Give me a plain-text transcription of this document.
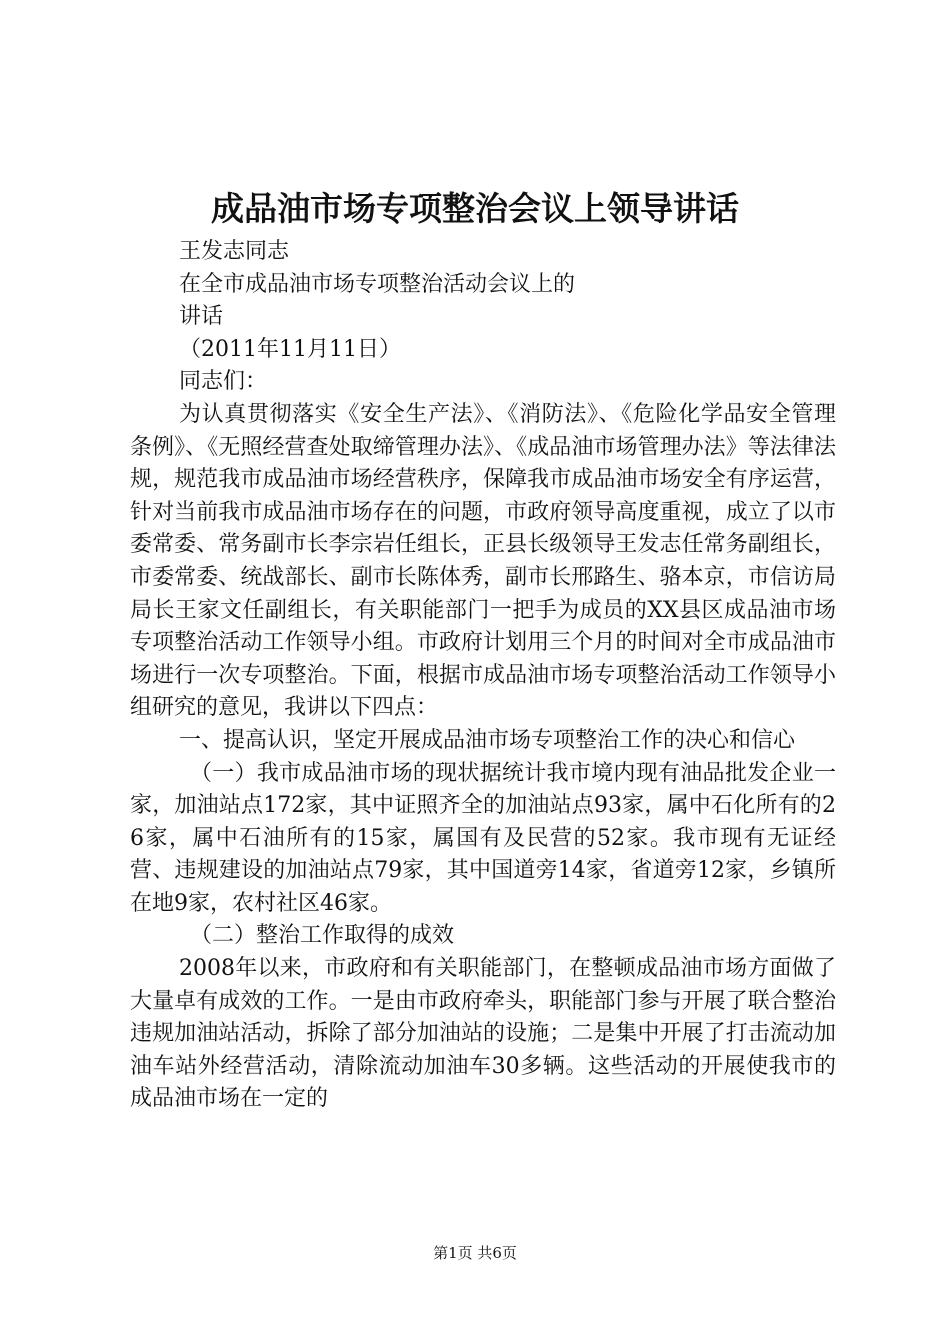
成品油市场专项整治会议上领导讲话

王发志同志

在全市成品油市场专项整治活动会议上的

讲话

（2011年11月11日）

同志们：

为认真贯彻落实《安全生产法》、《消防法》、《危险化学品安全管理条例》、《无照经营查处取缔管理办法》、《成品油市场管理办法》等法律法规，规范我市成品油市场经营秩序，保障我市成品油市场安全有序运营，针对当前我市成品油市场存在的问题，市政府领导高度重视，成立了以市委常委、常务副市长李宗岩任组长，正县长级领导王发志任常务副组长，市委常委、统战部长、副市长陈体秀，副市长邢路生、骆本京，市信访局局长王家文任副组长，有关职能部门一把手为成员的XX县区成品油市场专项整治活动工作领导小组。市政府计划用三个月的时间对全市成品油市场进行一次专项整治。下面，根据市成品油市场专项整治活动工作领导小组研究的意见，我讲以下四点：

一、提高认识，坚定开展成品油市场专项整治工作的决心和信心

（一）我市成品油市场的现状据统计我市境内现有油品批发企业一家，加油站点172家，其中证照齐全的加油站点93家，属中石化所有的26家，属中石油所有的15家，属国有及民营的52家。我市现有无证经营、违规建设的加油站点79家，其中国道旁14家，省道旁12家，乡镇所在地9家，农村社区46家。

（二）整治工作取得的成效

2008年以来，市政府和有关职能部门，在整顿成品油市场方面做了大量卓有成效的工作。一是由市政府牵头，职能部门参与开展了联合整治违规加油站活动，拆除了部分加油站的设施；二是集中开展了打击流动加油车站外经营活动，清除流动加油车30多辆。这些活动的开展使我市的成品油市场在一定的

第1页 共6页
